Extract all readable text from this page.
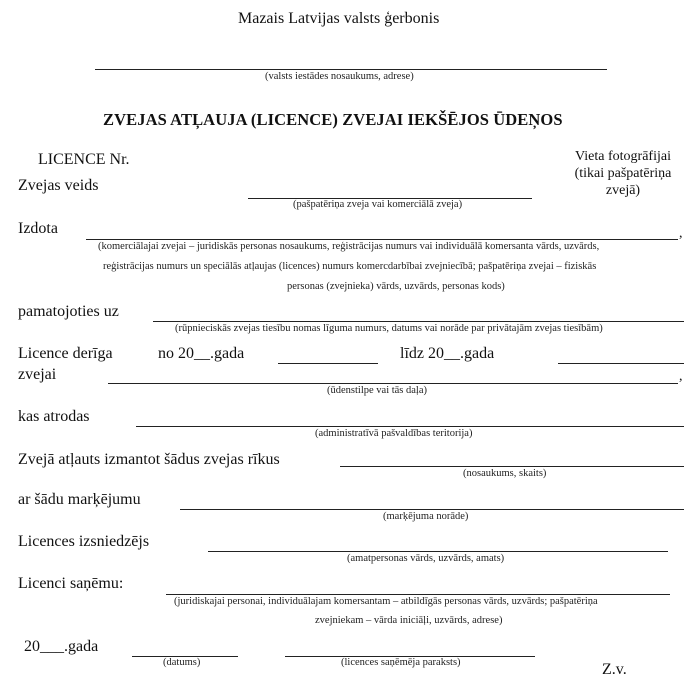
Mazais Latvijas valsts ģerbonis
(valsts iestādes nosaukums, adrese)
ZVEJAS ATĻAUJA (LICENCE) ZVEJAI IEKŠĒJOS ŪDEŅOS
LICENCE Nr.	Vieta fotogrāfijai
(tikai pašpatēriņa
zvejā)
Zvejas veids
(pašpatēriņa zveja vai komerciālā zveja)
Izdota	,
(komerciālajai zvejai – juridiskās personas nosaukums, reģistrācijas numurs vai individuālā komersanta vārds, uzvārds,
reģistrācijas numurs un speciālās atļaujas (licences) numurs komercdarbībai zvejniecībā; pašpatēriņa zvejai – fiziskās
personas (zvejnieka) vārds, uzvārds, personas kods)
pamatojoties uz
(rūpnieciskās zvejas tiesību nomas līguma numurs, datums vai norāde par privātajām zvejas tiesībām)
Licence derīga	no 20__.gada	līdz 20__.gada
zvejai	,
(ūdenstilpe vai tās daļa)
kas atrodas
(administratīvā pašvaldības teritorija)
Zvejā atļauts izmantot šādus zvejas rīkus
(nosaukums, skaits)
ar šādu marķējumu
(marķējuma norāde)
Licences izsniedzējs
(amatpersonas vārds, uzvārds, amats)
Licenci saņēmu:
(juridiskajai personai, individuālajam komersantam – atbildīgās personas vārds, uzvārds; pašpatēriņa
zvejniekam – vārda iniciāļi, uzvārds, adrese)
20___.gada
(datums)	(licences saņēmēja paraksts)	Z.v.
